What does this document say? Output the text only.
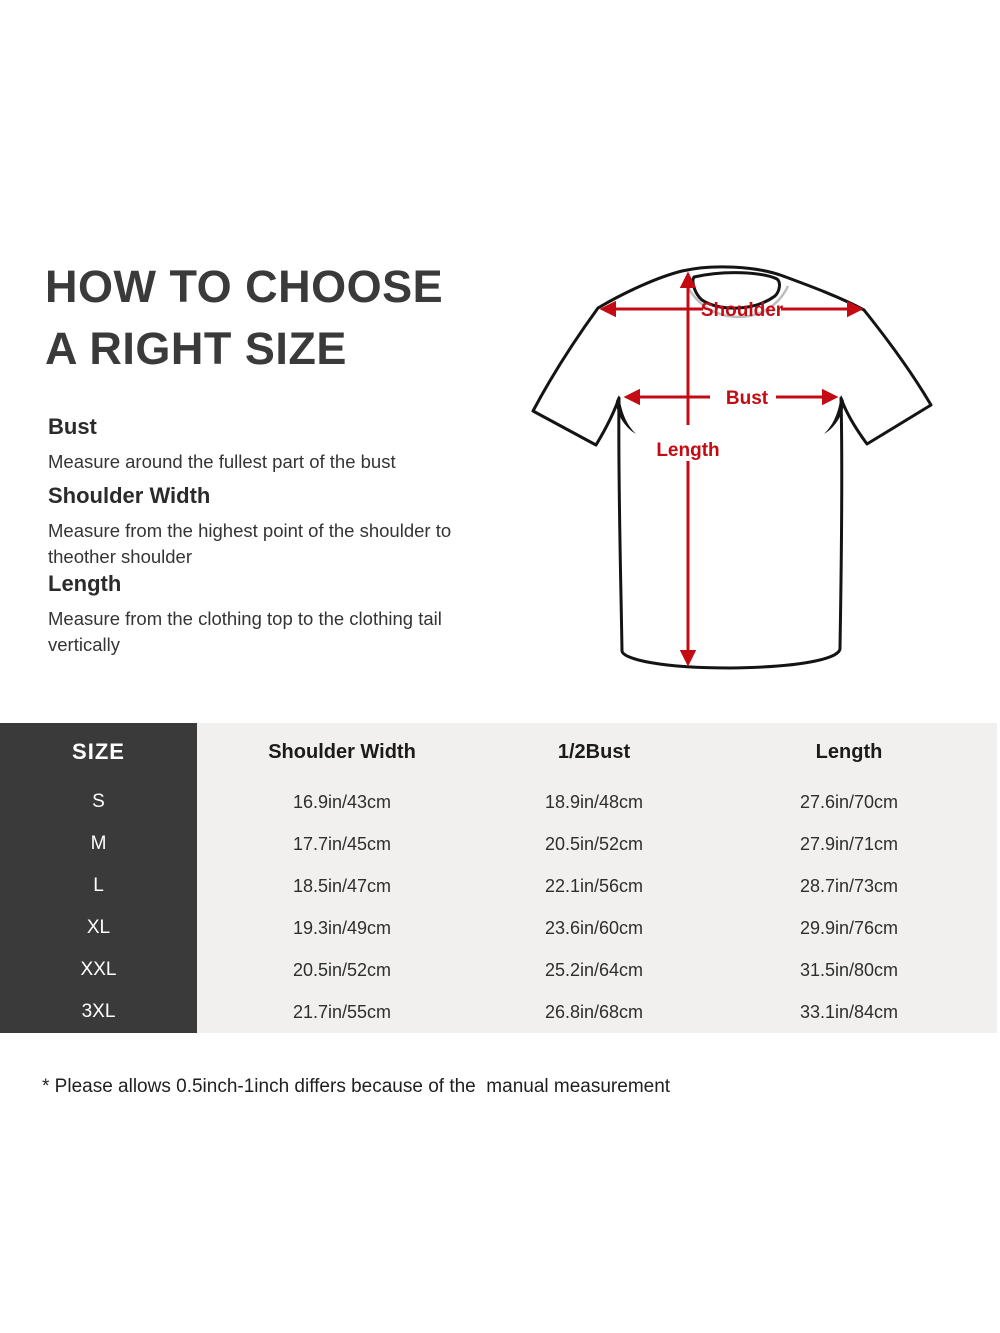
HOW TO CHOOSE
A RIGHT SIZE
Bust

Measure around the fullest part of the bust

Shoulder Width

Measure from the highest point of the shoulder to theother shoulder

Length

Measure from the clothing top to the clothing tail vertically

Shoulder
Bust
Length
SIZE	Shoulder Width	1/2Bust	Length
S	16.9in/43cm	18.9in/48cm	27.6in/70cm
M	17.7in/45cm	20.5in/52cm	27.9in/71cm
L	18.5in/47cm	22.1in/56cm	28.7in/73cm
XL	19.3in/49cm	23.6in/60cm	29.9in/76cm
XXL	20.5in/52cm	25.2in/64cm	31.5in/80cm
3XL	21.7in/55cm	26.8in/68cm	33.1in/84cm
* Please allows 0.5inch-1inch differs because of the  manual measurement
